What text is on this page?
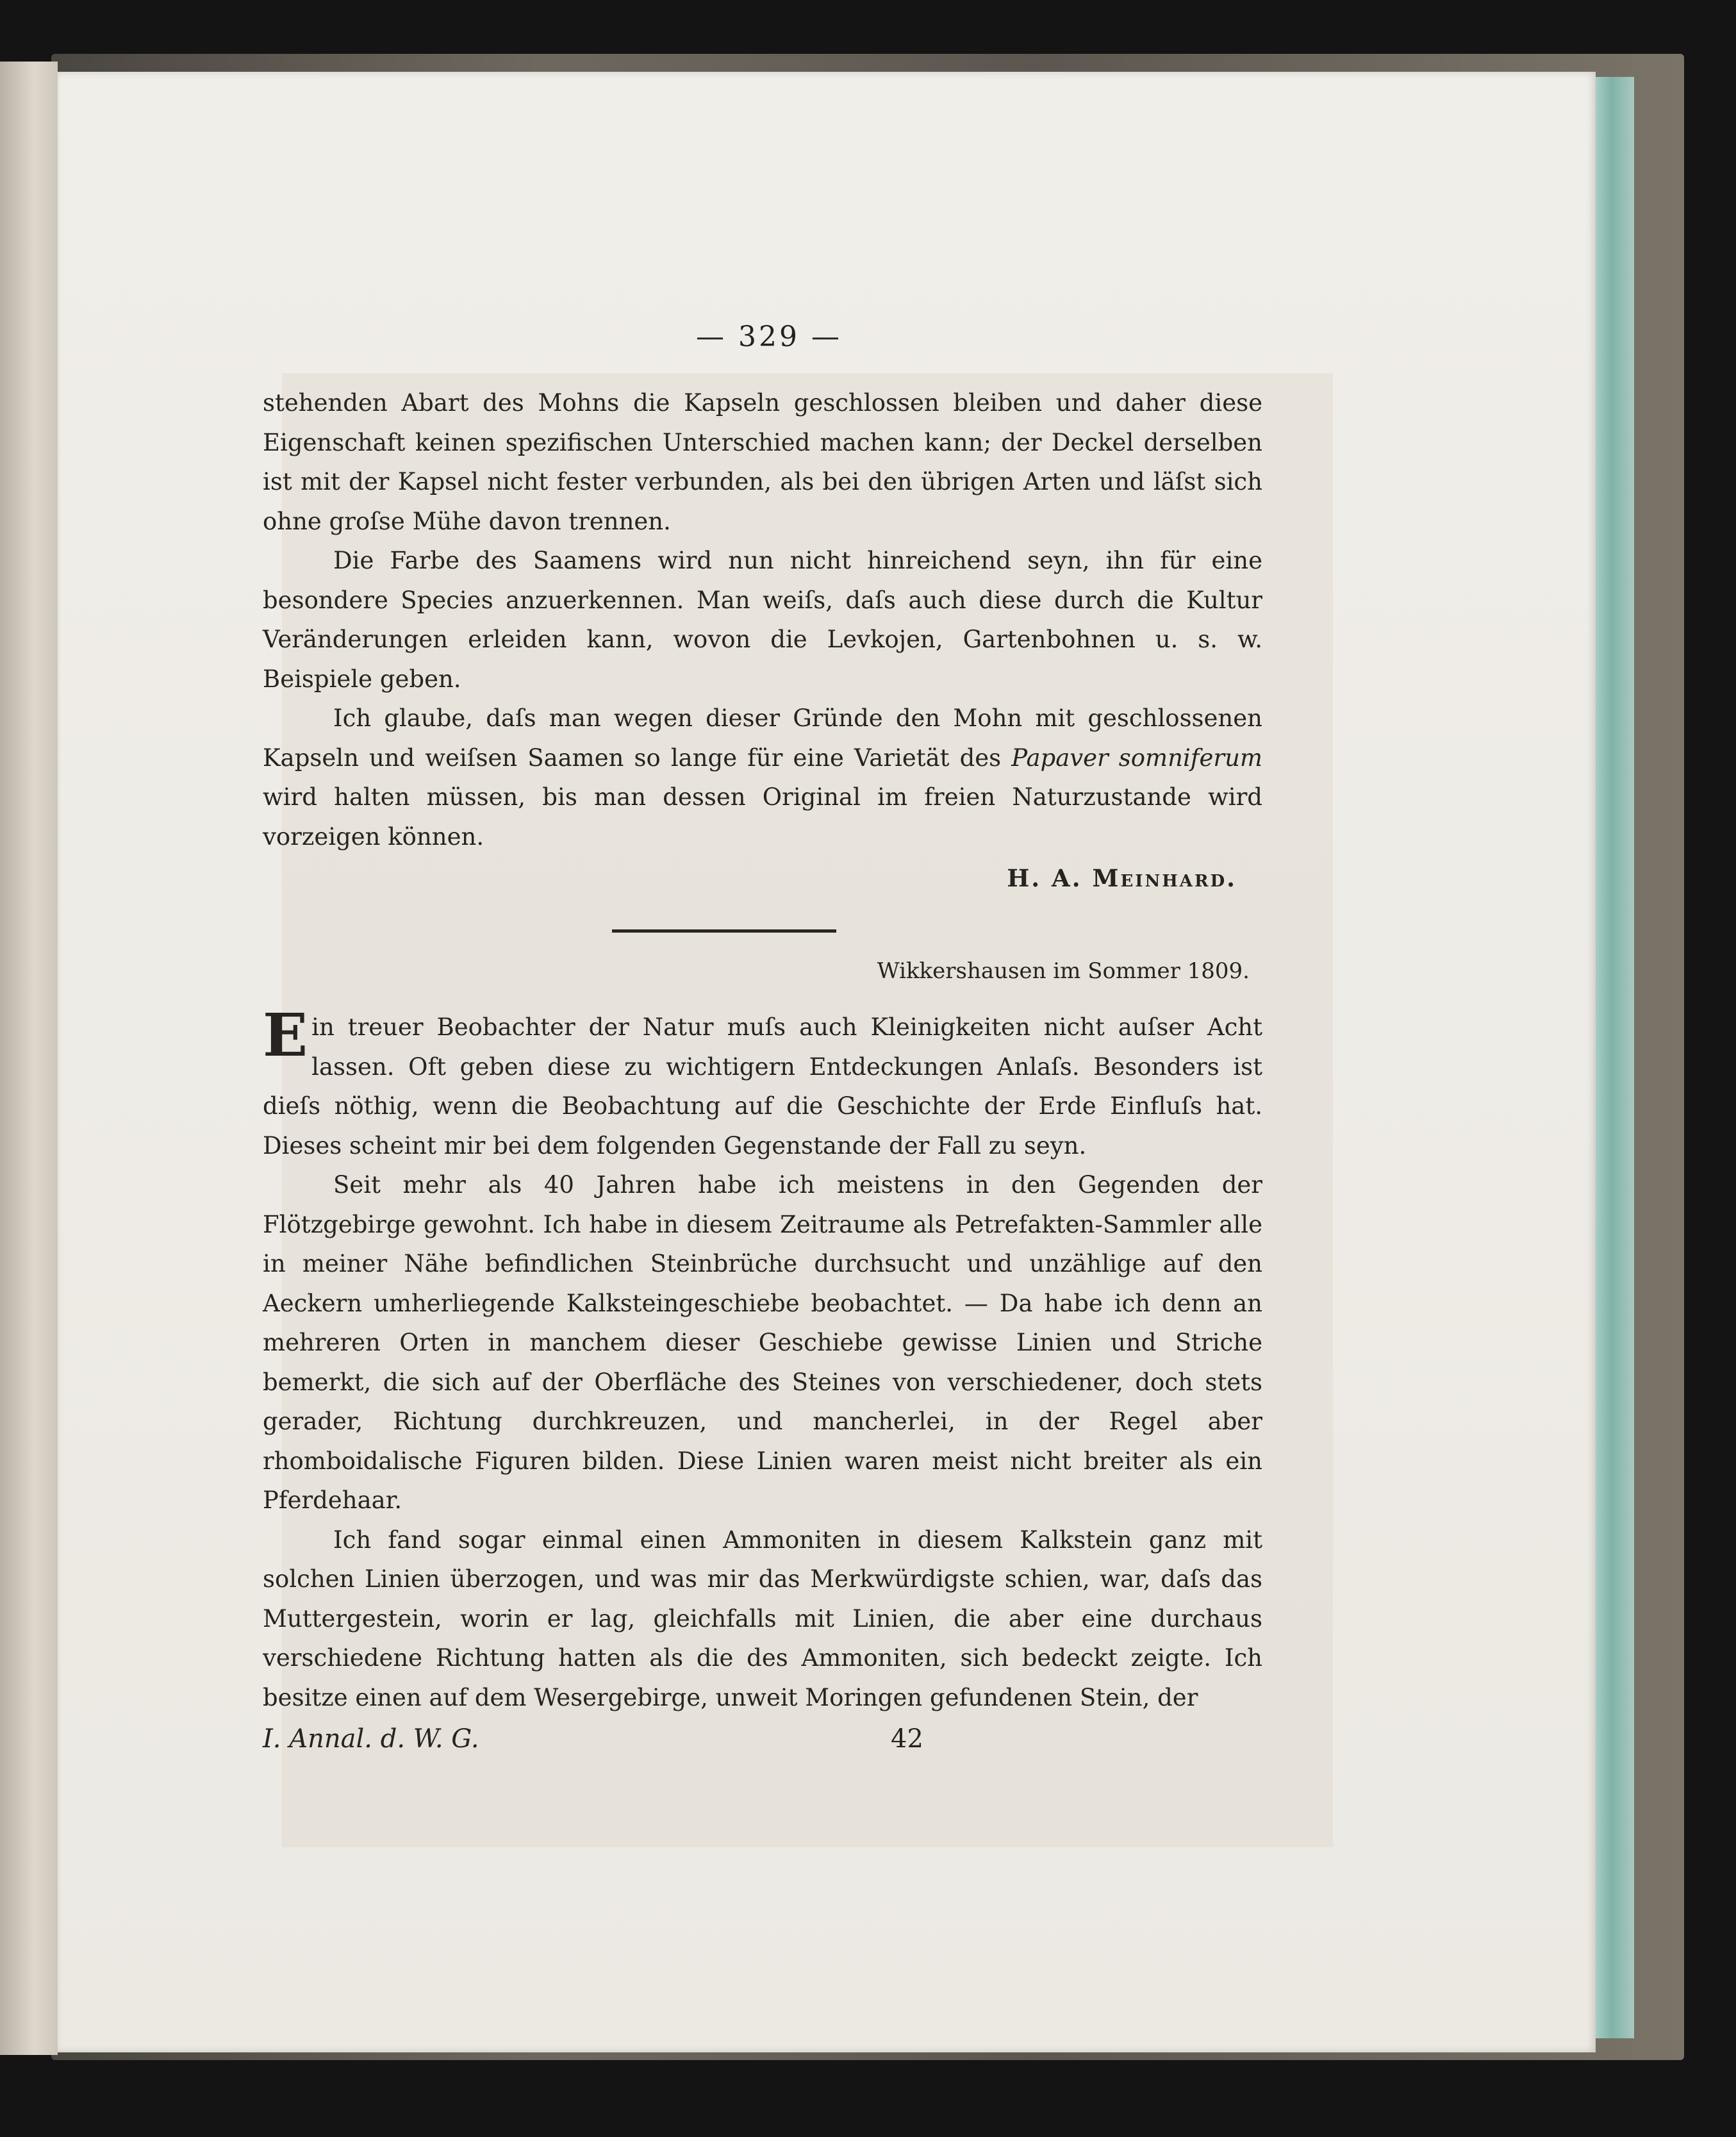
— 329 —

stehenden Abart des Mohns die Kapseln geschlossen bleiben und daher diese Eigenschaft keinen spezifischen Unterschied machen kann; der Deckel derselben ist mit der Kapsel nicht fester verbunden, als bei den übrigen Arten und läſst sich ohne groſse Mühe davon trennen.

Die Farbe des Saamens wird nun nicht hinreichend seyn, ihn für eine besondere Species anzuerkennen. Man weiſs, daſs auch diese durch die Kultur Veränderungen erleiden kann, wovon die Levkojen, Gartenbohnen u. s. w. Beispiele geben.

Ich glaube, daſs man wegen dieser Gründe den Mohn mit geschlossenen Kapseln und weiſsen Saamen so lange für eine Varietät des Papaver somniferum wird halten müssen, bis man dessen Original im freien Naturzustande wird vorzeigen können.

H. A. Meinhard.

Wikkershausen im Sommer 1809.

Ein treuer Beobachter der Natur muſs auch Kleinigkeiten nicht auſser Acht lassen. Oft geben diese zu wichtigern Entdeckungen Anlaſs. Besonders ist dieſs nöthig, wenn die Beobachtung auf die Geschichte der Erde Einfluſs hat. Dieses scheint mir bei dem folgenden Gegenstande der Fall zu seyn.

Seit mehr als 40 Jahren habe ich meistens in den Gegenden der Flötzgebirge gewohnt. Ich habe in diesem Zeitraume als Petrefakten-Sammler alle in meiner Nähe befindlichen Steinbrüche durchsucht und unzählige auf den Aeckern umherliegende Kalksteingeschiebe beobachtet. — Da habe ich denn an mehreren Orten in manchem dieser Geschiebe gewisse Linien und Striche bemerkt, die sich auf der Oberfläche des Steines von verschiedener, doch stets gerader, Richtung durchkreuzen, und mancherlei, in der Regel aber rhomboidalische Figuren bilden. Diese Linien waren meist nicht breiter als ein Pferdehaar.

Ich fand sogar einmal einen Ammoniten in diesem Kalkstein ganz mit solchen Linien überzogen, und was mir das Merkwürdigste schien, war, daſs das Muttergestein, worin er lag, gleichfalls mit Linien, die aber eine durchaus verschiedene Richtung hatten als die des Ammoniten, sich bedeckt zeigte. Ich besitze einen auf dem Wesergebirge, unweit Moringen gefundenen Stein, der

I. Annal. d. W. G.	42
